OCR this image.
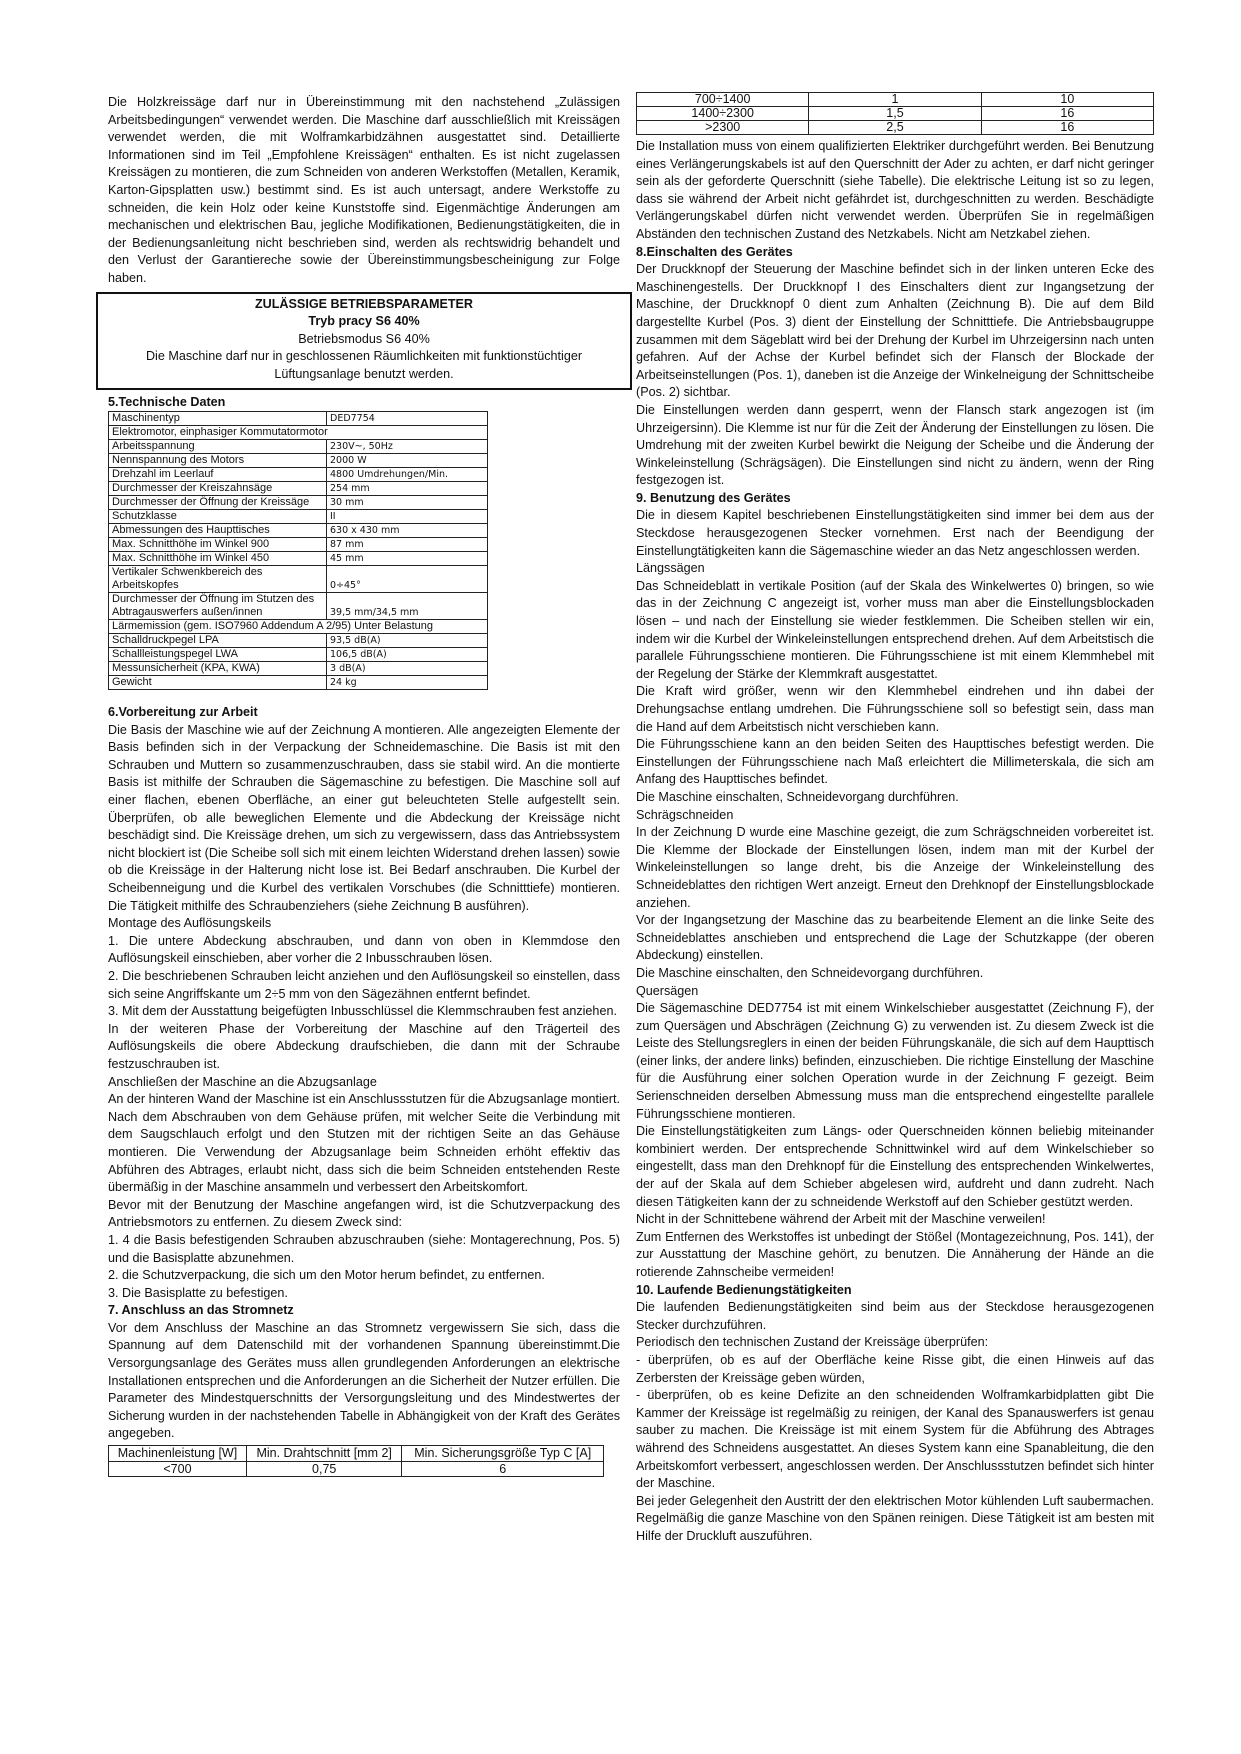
Die Holzkreissäge darf nur in Übereinstimmung mit den nachstehend „Zulässigen Arbeitsbedingungen“ verwendet werden. Die Maschine darf ausschließlich mit Kreissägen verwendet werden, die mit Wolframkarbidzähnen ausgestattet sind. Detaillierte Informationen sind im Teil „Empfohlene Kreissägen“ enthalten. Es ist nicht zugelassen Kreissägen zu montieren, die zum Schneiden von anderen Werkstoffen (Metallen, Keramik, Karton-Gipsplatten usw.) bestimmt sind. Es ist auch untersagt, andere Werkstoffe zu schneiden, die kein Holz oder keine Kunststoffe sind. Eigenmächtige Änderungen am mechanischen und elektrischen Bau, jegliche Modifikationen, Bedienungstätigkeiten, die in der Bedienungsanleitung nicht beschrieben sind, werden als rechtswidrig behandelt und den Verlust der Garantiereche sowie der Übereinstimmungsbescheinigung zur Folge haben.

ZULÄSSIGE BETRIEBSPARAMETER
Tryb pracy S6 40%
Betriebsmodus S6 40%
Die Maschine darf nur in geschlossenen Räumlichkeiten mit funktionstüchtiger Lüftungsanlage benutzt werden.
5.Technische Daten
Maschinentyp	DED7754
Elektromotor, einphasiger Kommutatormotor	
Arbeitsspannung	230V~, 50Hz
Nennspannung des Motors	2000 W
Drehzahl im Leerlauf	4800 Umdrehungen/Min.
Durchmesser der Kreiszahnsäge	254 mm
Durchmesser der Öffnung der Kreissäge	30 mm
Schutzklasse	II
Abmessungen des Haupttisches	630 x 430 mm
Max. Schnitthöhe im Winkel 900	87 mm
Max. Schnitthöhe im Winkel 450	45 mm
Vertikaler Schwenkbereich des Arbeitskopfes	0÷45°
Durchmesser der Öffnung im Stutzen des Abtragauswerfers außen/innen	39,5 mm/34,5 mm
Lärmemission (gem. ISO7960 Addendum A 2/95) Unter Belastung	
Schalldruckpegel LPA	93,5 dB(A)
Schallleistungspegel LWA	106,5 dB(A)
Messunsicherheit (KPA, KWA)	3 dB(A)
Gewicht	24 kg
6.Vorbereitung zur Arbeit

Die Basis der Maschine wie auf der Zeichnung A montieren. Alle angezeigten Elemente der Basis befinden sich in der Verpackung der Schneidemaschine. Die Basis ist mit den Schrauben und Muttern so zusammenzuschrauben, dass sie stabil wird. An die montierte Basis ist mithilfe der Schrauben die Sägemaschine zu befestigen. Die Maschine soll auf einer flachen, ebenen Oberfläche, an einer gut beleuchteten Stelle aufgestellt sein. Überprüfen, ob alle beweglichen Elemente und die Abdeckung der Kreissäge nicht beschädigt sind. Die Kreissäge drehen, um sich zu vergewissern, dass das Antriebssystem nicht blockiert ist (Die Scheibe soll sich mit einem leichten Widerstand drehen lassen) sowie ob die Kreissäge in der Halterung nicht lose ist. Bei Bedarf anschrauben. Die Kurbel der Scheibenneigung und die Kurbel des vertikalen Vorschubes (die Schnitttiefe) montieren. Die Tätigkeit mithilfe des Schraubenziehers (siehe Zeichnung B ausführen).

Montage des Auflösungskeils

1. Die untere Abdeckung abschrauben, und dann von oben in Klemmdose den Auflösungskeil einschieben, aber vorher die 2 Inbusschrauben lösen.

2. Die beschriebenen Schrauben leicht anziehen und den Auflösungskeil so einstellen, dass sich seine Angriffskante um 2÷5 mm von den Sägezähnen entfernt befindet.

3. Mit dem der Ausstattung beigefügten Inbusschlüssel die Klemmschrauben fest anziehen.

In der weiteren Phase der Vorbereitung der Maschine auf den Trägerteil des Auflösungskeils die obere Abdeckung draufschieben, die dann mit der Schraube festzuschrauben ist.

Anschließen der Maschine an die Abzugsanlage

An der hinteren Wand der Maschine ist ein Anschlussstutzen für die Abzugsanlage montiert. Nach dem Abschrauben von dem Gehäuse prüfen, mit welcher Seite die Verbindung mit dem Saugschlauch erfolgt und den Stutzen mit der richtigen Seite an das Gehäuse montieren. Die Verwendung der Abzugsanlage beim Schneiden erhöht effektiv das Abführen des Abtrages, erlaubt nicht, dass sich die beim Schneiden entstehenden Reste übermäßig in der Maschine ansammeln und verbessert den Arbeitskomfort.

Bevor mit der Benutzung der Maschine angefangen wird, ist die Schutzverpackung des Antriebsmotors zu entfernen. Zu diesem Zweck sind:

1. 4 die Basis befestigenden Schrauben abzuschrauben (siehe: Montagerechnung, Pos. 5) und die Basisplatte abzunehmen.

2. die Schutzverpackung, die sich um den Motor herum befindet, zu entfernen.

3. Die Basisplatte zu befestigen.

7. Anschluss an das Stromnetz

Vor dem Anschluss der Maschine an das Stromnetz vergewissern Sie sich, dass die Spannung auf dem Datenschild mit der vorhandenen Spannung übereinstimmt.Die Versorgungsanlage des Gerätes muss allen grundlegenden Anforderungen an elektrische Installationen entsprechen und die Anforderungen an die Sicherheit der Nutzer erfüllen. Die Parameter des Mindestquerschnitts der Versorgungsleitung und des Mindestwertes der Sicherung wurden in der nachstehenden Tabelle in Abhängigkeit von der Kraft des Gerätes angegeben.

Machinenleistung [W]	Min. Drahtschnitt [mm 2]	Min. Sicherungsgröße Typ C [A]
<700	0,75	6
700÷1400	1	10
1400÷2300	1,5	16
>2300	2,5	16

Die Installation muss von einem qualifizierten Elektriker durchgeführt werden. Bei Benutzung eines Verlängerungskabels ist auf den Querschnitt der Ader zu achten, er darf nicht geringer sein als der geforderte Querschnitt (siehe Tabelle). Die elektrische Leitung ist so zu legen, dass sie während der Arbeit nicht gefährdet ist, durchgeschnitten zu werden. Beschädigte Verlängerungskabel dürfen nicht verwendet werden. Überprüfen Sie in regelmäßigen Abständen den technischen Zustand des Netzkabels. Nicht am Netzkabel ziehen.

8.Einschalten des Gerätes

Der Druckknopf der Steuerung der Maschine befindet sich in der linken unteren Ecke des Maschinengestells. Der Druckknopf I des Einschalters dient zur Ingangsetzung der Maschine, der Druckknopf 0 dient zum Anhalten (Zeichnung B). Die auf dem Bild dargestellte Kurbel (Pos. 3) dient der Einstellung der Schnitttiefe. Die Antriebsbaugruppe zusammen mit dem Sägeblatt wird bei der Drehung der Kurbel im Uhrzeigersinn nach unten gefahren. Auf der Achse der Kurbel befindet sich der Flansch der Blockade der Arbeitseinstellungen (Pos. 1), daneben ist die Anzeige der Winkelneigung der Schnittscheibe (Pos. 2) sichtbar.

Die Einstellungen werden dann gesperrt, wenn der Flansch stark angezogen ist (im Uhrzeigersinn). Die Klemme ist nur für die Zeit der Änderung der Einstellungen zu lösen. Die Umdrehung mit der zweiten Kurbel bewirkt die Neigung der Scheibe und die Änderung der Winkeleinstellung (Schrägsägen). Die Einstellungen sind nicht zu ändern, wenn der Ring festgezogen ist.

9. Benutzung des Gerätes

Die in diesem Kapitel beschriebenen Einstellungstätigkeiten sind immer bei dem aus der Steckdose herausgezogenen Stecker vornehmen. Erst nach der Beendigung der Einstellungtätigkeiten kann die Sägemaschine wieder an das Netz angeschlossen werden.

Längssägen

Das Schneideblatt in vertikale Position (auf der Skala des Winkelwertes 0) bringen, so wie das in der Zeichnung C angezeigt ist, vorher muss man aber die Einstellungsblockaden lösen – und nach der Einstellung sie wieder festklemmen. Die Scheiben stellen wir ein, indem wir die Kurbel der Winkeleinstellungen entsprechend drehen. Auf dem Arbeitstisch die parallele Führungsschiene montieren. Die Führungsschiene ist mit einem Klemmhebel mit der Regelung der Stärke der Klemmkraft ausgestattet.

Die Kraft wird größer, wenn wir den Klemmhebel eindrehen und ihn dabei der Drehungsachse entlang umdrehen. Die Führungsschiene soll so befestigt sein, dass man die Hand auf dem Arbeitstisch nicht verschieben kann.

Die Führungsschiene kann an den beiden Seiten des Haupttisches befestigt werden. Die Einstellungen der Führungsschiene nach Maß erleichtert die Millimeterskala, die sich am Anfang des Haupttisches befindet.

Die Maschine einschalten, Schneidevorgang durchführen.

Schrägschneiden

In der Zeichnung D wurde eine Maschine gezeigt, die zum Schrägschneiden vorbereitet ist. Die Klemme der Blockade der Einstellungen lösen, indem man mit der Kurbel der Winkeleinstellungen so lange dreht, bis die Anzeige der Winkeleinstellung des Schneideblattes den richtigen Wert anzeigt. Erneut den Drehknopf der Einstellungsblockade anziehen.

Vor der Ingangsetzung der Maschine das zu bearbeitende Element an die linke Seite des Schneideblattes anschieben und entsprechend die Lage der Schutzkappe (der oberen Abdeckung) einstellen.

Die Maschine einschalten, den Schneidevorgang durchführen.

Quersägen

Die Sägemaschine DED7754 ist mit einem Winkelschieber ausgestattet (Zeichnung F), der zum Quersägen und Abschrägen (Zeichnung G) zu verwenden ist. Zu diesem Zweck ist die Leiste des Stellungsreglers in einen der beiden Führungskanäle, die sich auf dem Haupttisch (einer links, der andere links) befinden, einzuschieben. Die richtige Einstellung der Maschine für die Ausführung einer solchen Operation wurde in der Zeichnung F gezeigt. Beim Serienschneiden derselben Abmessung muss man die entsprechend eingestellte parallele Führungsschiene montieren.

Die Einstellungstätigkeiten zum Längs- oder Querschneiden können beliebig miteinander kombiniert werden. Der entsprechende Schnittwinkel wird auf dem Winkelschieber so eingestellt, dass man den Drehknopf für die Einstellung des entsprechenden Winkelwertes, der auf der Skala auf dem Schieber abgelesen wird, aufdreht und dann zudreht. Nach diesen Tätigkeiten kann der zu schneidende Werkstoff auf den Schieber gestützt werden.

Nicht in der Schnittebene während der Arbeit mit der Maschine verweilen!

Zum Entfernen des Werkstoffes ist unbedingt der Stößel (Montagezeichnung, Pos. 141), der zur Ausstattung der Maschine gehört, zu benutzen. Die Annäherung der Hände an die rotierende Zahnscheibe vermeiden!

10. Laufende Bedienungstätigkeiten

Die laufenden Bedienungstätigkeiten sind beim aus der Steckdose herausgezogenen Stecker durchzuführen.

Periodisch den technischen Zustand der Kreissäge überprüfen:

- überprüfen, ob es auf der Oberfläche keine Risse gibt, die einen Hinweis auf das Zerbersten der Kreissäge geben würden,

- überprüfen, ob es keine Defizite an den schneidenden Wolframkarbidplatten gibt Die Kammer der Kreissäge ist regelmäßig zu reinigen, der Kanal des Spanauswerfers ist genau sauber zu machen. Die Kreissäge ist mit einem System für die Abführung des Abtrages während des Schneidens ausgestattet. An dieses System kann eine Spanableitung, die den Arbeitskomfort verbessert, angeschlossen werden. Der Anschlussstutzen befindet sich hinter der Maschine.

Bei jeder Gelegenheit den Austritt der den elektrischen Motor kühlenden Luft saubermachen. Regelmäßig die ganze Maschine von den Spänen reinigen. Diese Tätigkeit ist am besten mit Hilfe der Druckluft auszuführen.
